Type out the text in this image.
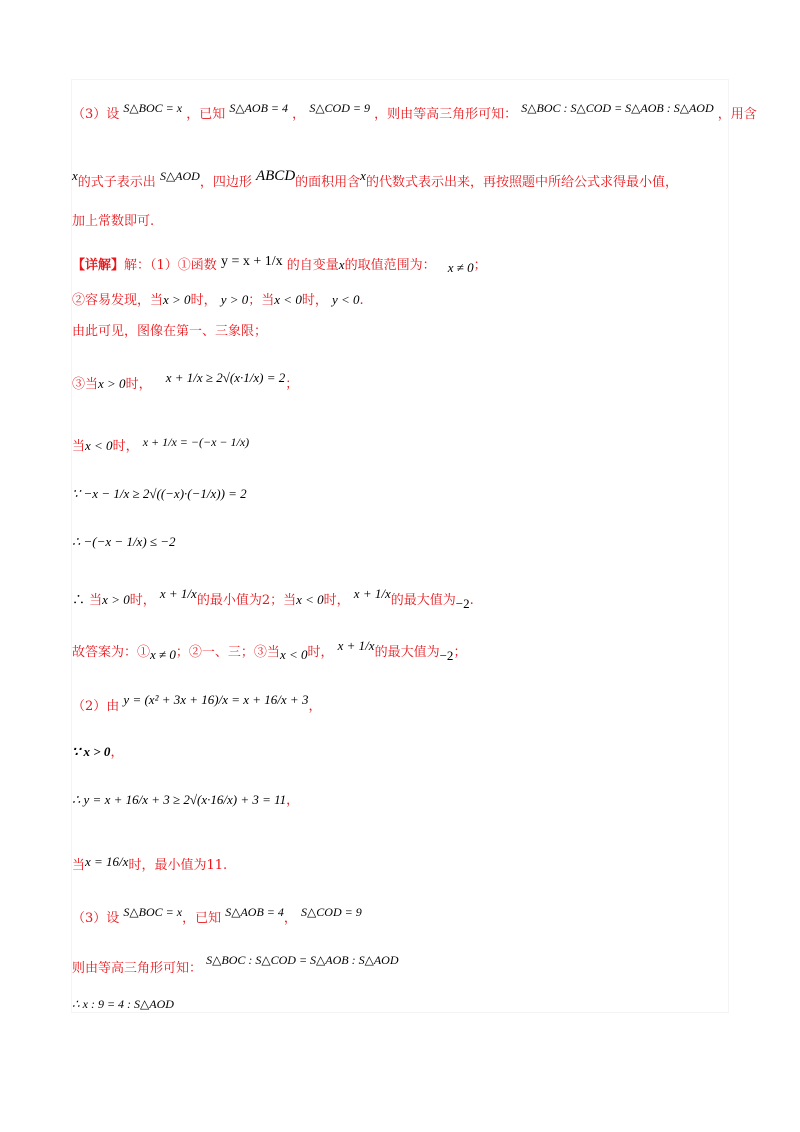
（3）设 S△BOC = x ，已知 S△AOB = 4 ， S△COD = 9 ，则由等高三角形可知： S△BOC : S△COD = S△AOB : S△AOD ，用含
x的式子表示出 S△AOD，四边形 ABCD的面积用含x的代数式表示出来，再按照题中所给公式求得最小值，
加上常数即可.
【详解】解：（1）①函数 y = x + 1/x 的自变量x的取值范围为： x ≠ 0；
②容易发现，当x > 0时， y > 0；当x < 0时， y < 0.
由此可见，图像在第一、三象限；
③当x > 0时， x + 1/x ≥ 2√(x·1/x) = 2；
当x < 0时， x + 1/x = −(−x − 1/x)
∵ −x − 1/x ≥ 2√((−x)·(−1/x)) = 2
∴ −(−x − 1/x) ≤ −2
∴ 当x > 0时， x + 1/x的最小值为2；当x < 0时， x + 1/x的最大值为−2.
故答案为：①x ≠ 0；②一、三；③当x < 0时， x + 1/x的最大值为−2；
（2）由 y = (x² + 3x + 16)/x = x + 16/x + 3，
∵ x > 0，
∴ y = x + 16/x + 3 ≥ 2√(x·16/x) + 3 = 11，
当x = 16/x时，最小值为11.
（3）设 S△BOC = x，已知 S△AOB = 4， S△COD = 9
则由等高三角形可知： S△BOC : S△COD = S△AOB : S△AOD
∴ x : 9 = 4 : S△AOD
